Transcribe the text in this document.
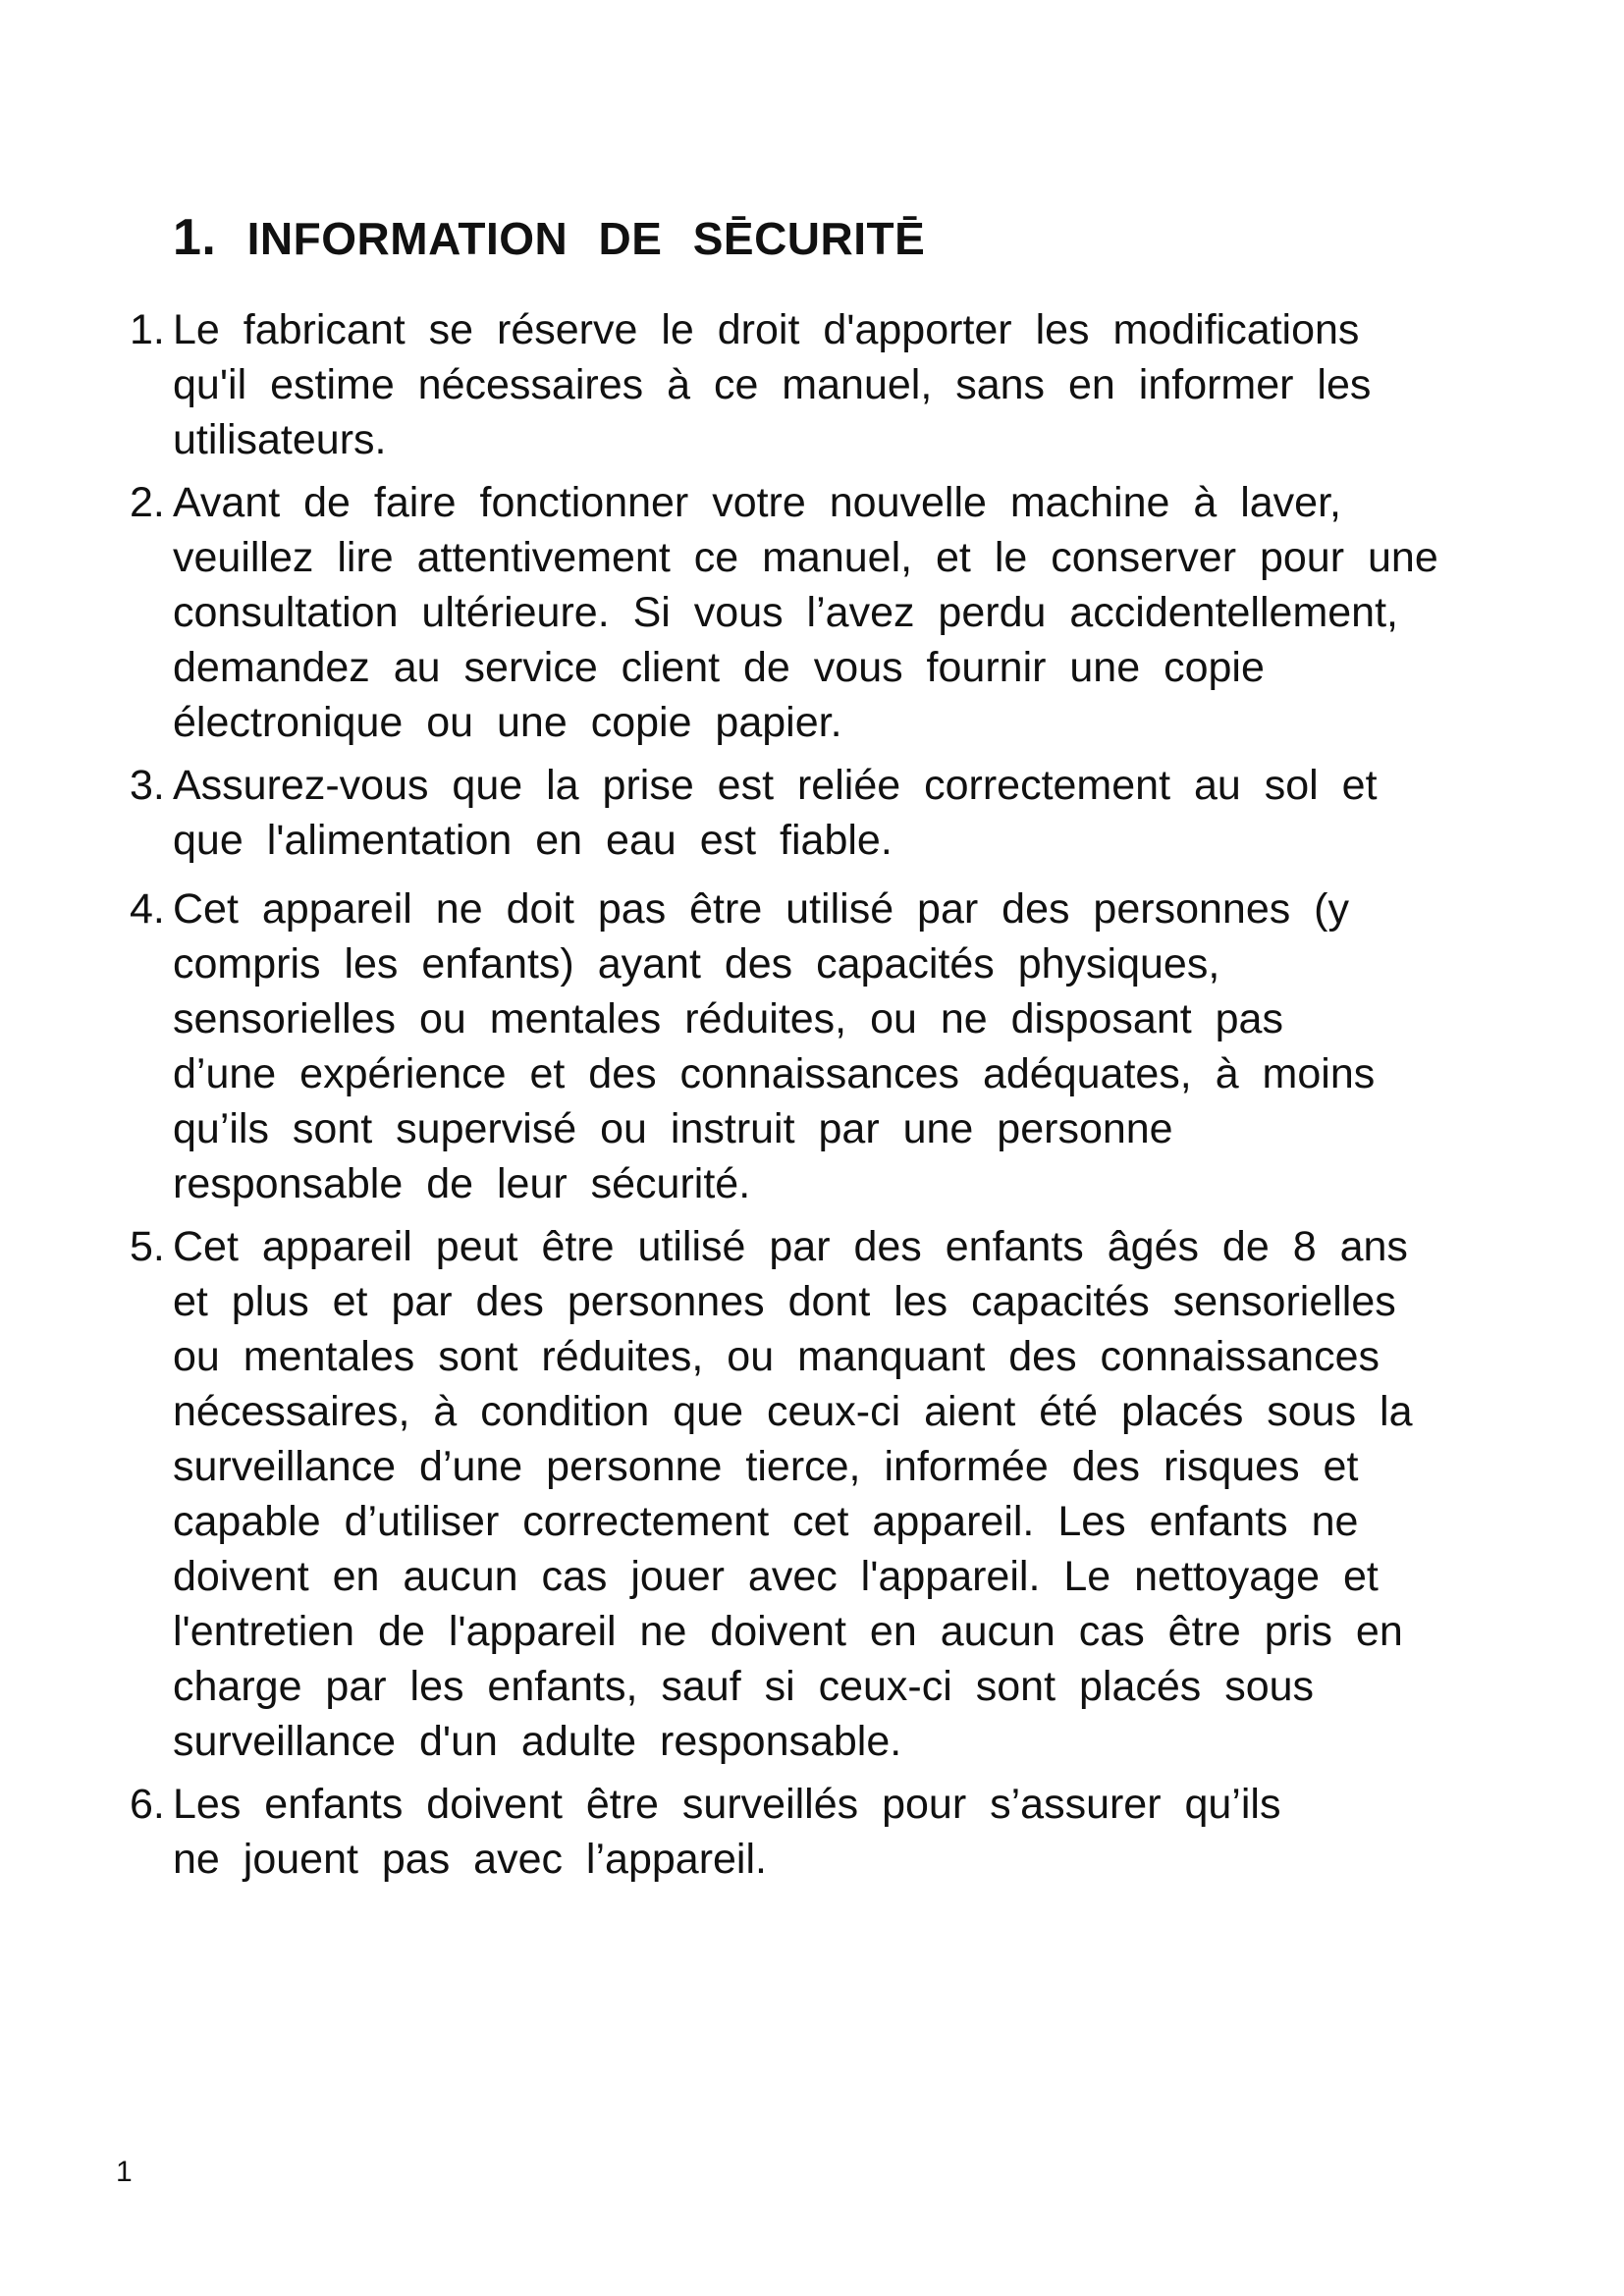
1. INFORMATION DE SĒCURITĒ
1. Le fabricant se réserve le droit d'apporter les modifications
qu'il estime nécessaires à ce manuel, sans en informer les
utilisateurs.
2. Avant de faire fonctionner votre nouvelle machine à laver,
veuillez lire attentivement ce manuel, et le conserver pour une
consultation ultérieure. Si vous l’avez perdu accidentellement,
demandez au service client de vous fournir une copie
électronique ou une copie papier.
3. Assurez-vous que la prise est reliée correctement au sol et
que l'alimentation en eau est fiable.
4. Cet appareil ne doit pas être utilisé par des personnes (y
compris les enfants) ayant des capacités physiques,
sensorielles ou mentales réduites, ou ne disposant pas
d’une expérience et des connaissances adéquates, à moins
qu’ils sont supervisé ou instruit par une personne
responsable de leur sécurité.
5. Cet appareil peut être utilisé par des enfants âgés de 8 ans
et plus et par des personnes dont les capacités sensorielles
ou mentales sont réduites, ou manquant des connaissances
nécessaires, à condition que ceux-ci aient été placés sous la
surveillance d’une personne tierce, informée des risques et
capable d’utiliser correctement cet appareil. Les enfants ne
doivent en aucun cas jouer avec l'appareil. Le nettoyage et
l'entretien de l'appareil ne doivent en aucun cas être pris en
charge par les enfants, sauf si ceux-ci sont placés sous
surveillance d'un adulte responsable.
6. Les enfants doivent être surveillés pour s’assurer qu’ils
ne jouent pas avec l’appareil.
1
